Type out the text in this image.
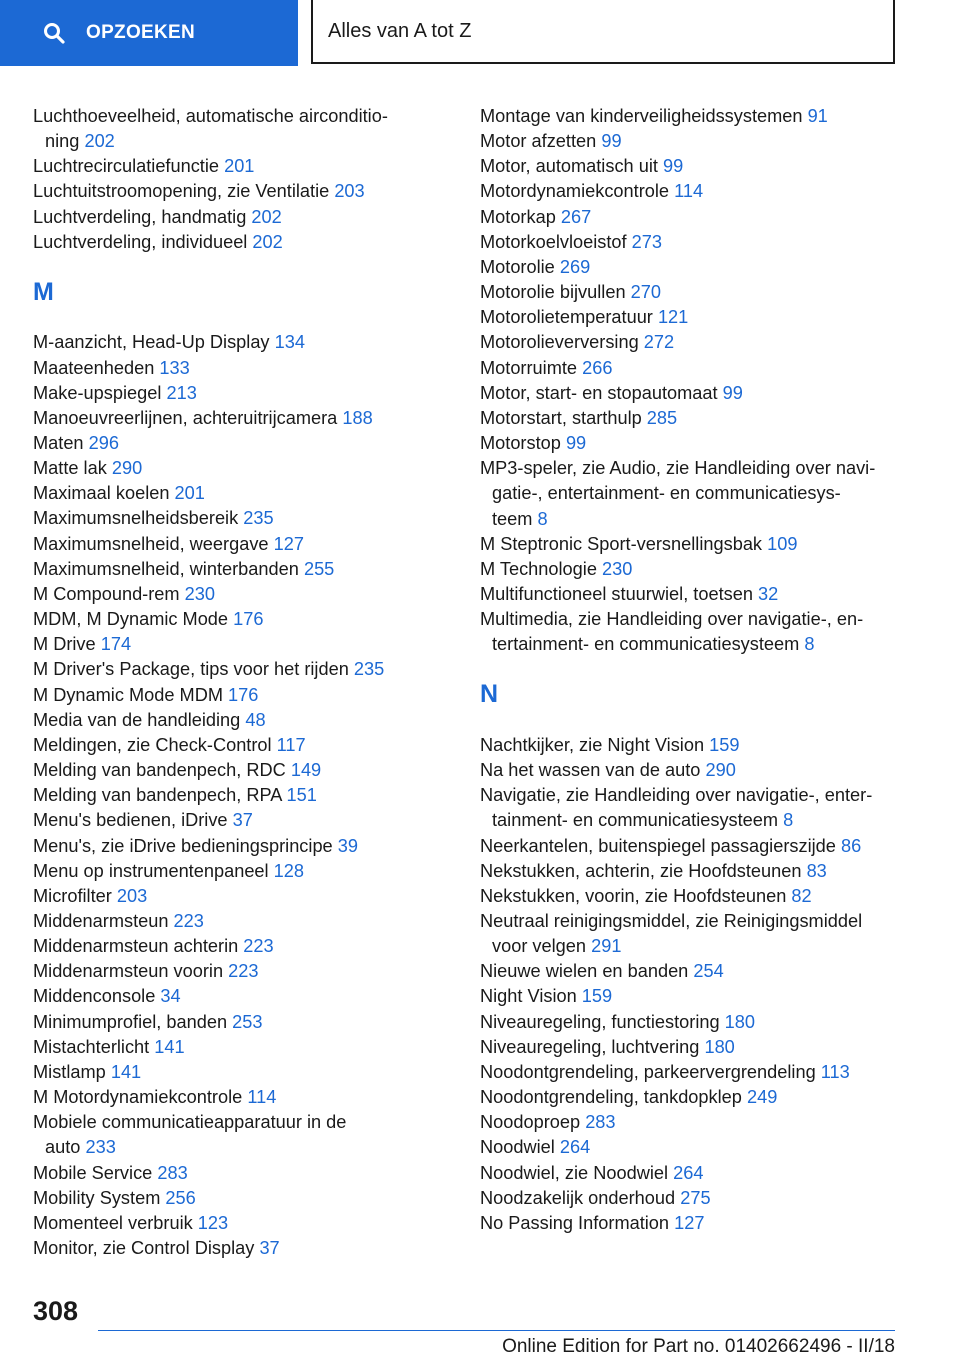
OPZOEKEN	Alles van A tot Z
Luchthoeveelheid, automatische airconditio-
ning 202
Luchtrecirculatiefunctie 201
Luchtuitstroomopening, zie Ventilatie 203
Luchtverdeling, handmatig 202
Luchtverdeling, individueel 202
M
M-aanzicht, Head-Up Display 134
Maateenheden 133
Make-upspiegel 213
Manoeuvreerlijnen, achteruitrijcamera 188
Maten 296
Matte lak 290
Maximaal koelen 201
Maximumsnelheidsbereik 235
Maximumsnelheid, weergave 127
Maximumsnelheid, winterbanden 255
M Compound-rem 230
MDM, M Dynamic Mode 176
M Drive 174
M Driver's Package, tips voor het rijden 235
M Dynamic Mode MDM 176
Media van de handleiding 48
Meldingen, zie Check-Control 117
Melding van bandenpech, RDC 149
Melding van bandenpech, RPA 151
Menu's bedienen, iDrive 37
Menu's, zie iDrive bedieningsprincipe 39
Menu op instrumentenpaneel 128
Microfilter 203
Middenarmsteun 223
Middenarmsteun achterin 223
Middenarmsteun voorin 223
Middenconsole 34
Minimumprofiel, banden 253
Mistachterlicht 141
Mistlamp 141
M Motordynamiekcontrole 114
Mobiele communicatieapparatuur in de
auto 233
Mobile Service 283
Mobility System 256
Momenteel verbruik 123
Monitor, zie Control Display 37
Montage van kinderveiligheidssystemen 91
Motor afzetten 99
Motor, automatisch uit 99
Motordynamiekcontrole 114
Motorkap 267
Motorkoelvloeistof 273
Motorolie 269
Motorolie bijvullen 270
Motorolietemperatuur 121
Motorolieverversing 272
Motorruimte 266
Motor, start- en stopautomaat 99
Motorstart, starthulp 285
Motorstop 99
MP3-speler, zie Audio, zie Handleiding over navi-
gatie-, entertainment- en communicatiesys-
teem 8
M Steptronic Sport-versnellingsbak 109
M Technologie 230
Multifunctioneel stuurwiel, toetsen 32
Multimedia, zie Handleiding over navigatie-, en-
tertainment- en communicatiesysteem 8
N
Nachtkijker, zie Night Vision 159
Na het wassen van de auto 290
Navigatie, zie Handleiding over navigatie-, enter-
tainment- en communicatiesysteem 8
Neerkantelen, buitenspiegel passagierszijde 86
Nekstukken, achterin, zie Hoofdsteunen 83
Nekstukken, voorin, zie Hoofdsteunen 82
Neutraal reinigingsmiddel, zie Reinigingsmiddel
voor velgen 291
Nieuwe wielen en banden 254
Night Vision 159
Niveauregeling, functiestoring 180
Niveauregeling, luchtvering 180
Noodontgrendeling, parkeervergrendeling 113
Noodontgrendeling, tankdopklep 249
Noodoproep 283
Noodwiel 264
Noodwiel, zie Noodwiel 264
Noodzakelijk onderhoud 275
No Passing Information 127
308
Online Edition for Part no. 01402662496 - II/18
